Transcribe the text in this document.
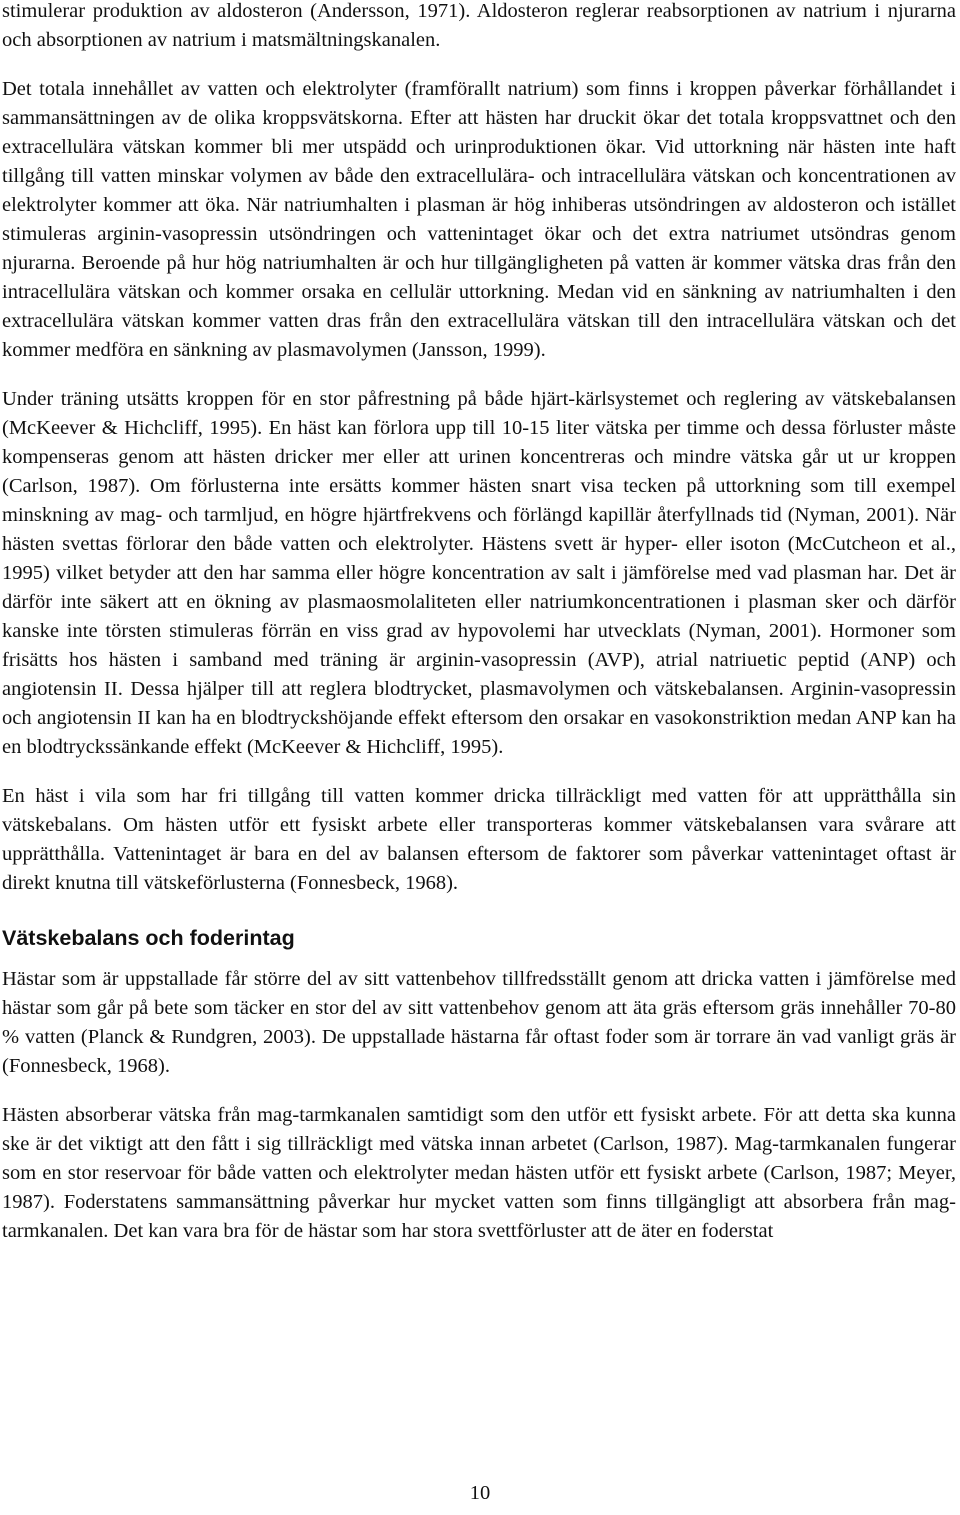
stimulerar produktion av aldosteron (Andersson, 1971). Aldosteron reglerar reabsorptionen av natrium i njurarna och absorptionen av natrium i matsmältningskanalen.

Det totala innehållet av vatten och elektrolyter (framförallt natrium) som finns i kroppen påverkar förhållandet i sammansättningen av de olika kroppsvätskorna. Efter att hästen har druckit ökar det totala kroppsvattnet och den extracellulära vätskan kommer bli mer utspädd och urinproduktionen ökar. Vid uttorkning när hästen inte haft tillgång till vatten minskar volymen av både den extracellulära- och intracellulära vätskan och koncentrationen av elektrolyter kommer att öka. När natriumhalten i plasman är hög inhiberas utsöndringen av aldosteron och istället stimuleras arginin-vasopressin utsöndringen och vattenintaget ökar och det extra natriumet utsöndras genom njurarna. Beroende på hur hög natriumhalten är och hur tillgängligheten på vatten är kommer vätska dras från den intracellulära vätskan och kommer orsaka en cellulär uttorkning. Medan vid en sänkning av natriumhalten i den extracellulära vätskan kommer vatten dras från den extracellulära vätskan till den intracellulära vätskan och det kommer medföra en sänkning av plasmavolymen (Jansson, 1999).

Under träning utsätts kroppen för en stor påfrestning på både hjärt-kärlsystemet och reglering av vätskebalansen (McKeever & Hichcliff, 1995). En häst kan förlora upp till 10-15 liter vätska per timme och dessa förluster måste kompenseras genom att hästen dricker mer eller att urinen koncentreras och mindre vätska går ut ur kroppen (Carlson, 1987). Om förlusterna inte ersätts kommer hästen snart visa tecken på uttorkning som till exempel minskning av mag- och tarmljud, en högre hjärtfrekvens och förlängd kapillär återfyllnads tid (Nyman, 2001). När hästen svettas förlorar den både vatten och elektrolyter. Hästens svett är hyper- eller isoton (McCutcheon et al., 1995) vilket betyder att den har samma eller högre koncentration av salt i jämförelse med vad plasman har. Det är därför inte säkert att en ökning av plasmaosmolaliteten eller natriumkoncentrationen i plasman sker och därför kanske inte törsten stimuleras förrän en viss grad av hypovolemi har utvecklats (Nyman, 2001). Hormoner som frisätts hos hästen i samband med träning är arginin-vasopressin (AVP), atrial natriuetic peptid (ANP) och angiotensin II. Dessa hjälper till att reglera blodtrycket, plasmavolymen och vätskebalansen. Arginin-vasopressin och angiotensin II kan ha en blodtryckshöjande effekt eftersom den orsakar en vasokonstriktion medan ANP kan ha en blodtryckssänkande effekt (McKeever & Hichcliff, 1995).

En häst i vila som har fri tillgång till vatten kommer dricka tillräckligt med vatten för att upprätthålla sin vätskebalans. Om hästen utför ett fysiskt arbete eller transporteras kommer vätskebalansen vara svårare att upprätthålla. Vattenintaget är bara en del av balansen eftersom de faktorer som påverkar vattenintaget oftast är direkt knutna till vätskeförlusterna (Fonnesbeck, 1968).

Vätskebalans och foderintag

Hästar som är uppstallade får större del av sitt vattenbehov tillfredsställt genom att dricka vatten i jämförelse med hästar som går på bete som täcker en stor del av sitt vattenbehov genom att äta gräs eftersom gräs innehåller 70-80 % vatten (Planck & Rundgren, 2003). De uppstallade hästarna får oftast foder som är torrare än vad vanligt gräs är (Fonnesbeck, 1968).

Hästen absorberar vätska från mag-tarmkanalen samtidigt som den utför ett fysiskt arbete. För att detta ska kunna ske är det viktigt att den fått i sig tillräckligt med vätska innan arbetet (Carlson, 1987). Mag-tarmkanalen fungerar som en stor reservoar för både vatten och elektrolyter medan hästen utför ett fysiskt arbete (Carlson, 1987; Meyer, 1987). Foderstatens sammansättning påverkar hur mycket vatten som finns tillgängligt att absorbera från mag-tarmkanalen. Det kan vara bra för de hästar som har stora svettförluster att de äter en foderstat

10
